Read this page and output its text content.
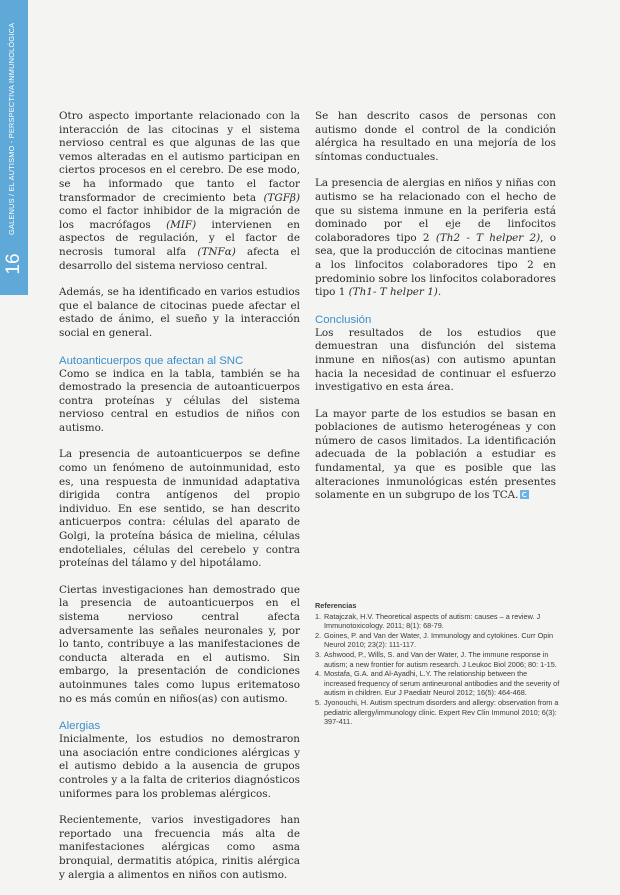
16
GALENUS / EL AUTISMO - PERSPECTIVA INMUNOLÓGICA	Otro aspecto importante relacionado con la interacción de las citocinas y el sistema nervioso central es que algunas de las que vemos alteradas en el autismo participan en ciertos procesos en el cerebro. De ese modo, se ha informado que tanto el factor transformador de crecimiento beta (TGFβ) como el factor inhibidor de la migración de los macrófagos (MIF) intervienen en aspectos de regulación, y el factor de necrosis tumoral alfa (TNFα) afecta el desarrollo del sistema nervioso central.

Además, se ha identificado en varios estudios que el balance de citocinas puede afectar el estado de ánimo, el sueño y la interacción social en general.

Autoanticuerpos que afectan al SNC

Como se indica en la tabla, también se ha demostrado la presencia de autoanticuerpos contra proteínas y células del sistema nervioso central en estudios de niños con autismo.

La presencia de autoanticuerpos se define como un fenómeno de autoinmunidad, esto es, una respuesta de inmunidad adaptativa dirigida contra antígenos del propio individuo. En ese sentido, se han descrito anticuerpos contra: células del aparato de Golgi, la proteína básica de mielina, células endoteliales, células del cerebelo y contra proteínas del tálamo y del hipotálamo.

Ciertas investigaciones han demostrado que la presencia de autoanticuerpos en el sistema nervioso central afecta adversamente las señales neuronales y, por lo tanto, contribuye a las manifestaciones de conducta alterada en el autismo. Sin embargo, la presentación de condiciones autoinmunes tales como lupus eritematoso no es más común en niños(as) con autismo.

Alergias

Inicialmente, los estudios no demostraron una asociación entre condiciones alérgicas y el autismo debido a la ausencia de grupos controles y a la falta de criterios diagnósticos uniformes para los problemas alérgicos.

Recientemente, varios investigadores han reportado una frecuencia más alta de manifestaciones alérgicas como asma bronquial, dermatitis atópica, rinitis alérgica y alergia a alimentos en niños con autismo.

Se han descrito casos de personas con autismo donde el control de la condición alérgica ha resultado en una mejoría de los síntomas conductuales.

La presencia de alergias en niños y niñas con autismo se ha relacionado con el hecho de que su sistema inmune en la periferia está dominado por el eje de linfocitos colaboradores tipo 2 (Th2 - T helper 2), o sea, que la producción de citocinas mantiene a los linfocitos colaboradores tipo 2 en predominio sobre los linfocitos colaboradores tipo 1 (Th1- T helper 1).

Conclusión

Los resultados de los estudios que demuestran una disfunción del sistema inmune en niños(as) con autismo apuntan hacia la necesidad de continuar el esfuerzo investigativo en esta área.

La mayor parte de los estudios se basan en poblaciones de autismo heterogéneas y con número de casos limitados. La identificación adecuada de la población a estudiar es fundamental, ya que es posible que las alteraciones inmunológicas estén presentes solamente en un subgrupo de los TCA.

Referencias
1. Ratajczak, H.V. Theoretical aspects of autism: causes – a review. J Immunotoxicology. 2011; 8(1): 68-79.
2. Goines, P. and Van der Water, J. Immunology and cytokines. Curr Opin Neurol 2010; 23(2): 111-117.
3. Ashwood, P., Wills, S. and Van der Water, J. The immune response in autism; a new frontier for autism research. J Leukoc Biol 2006; 80: 1-15.
4. Mostafa, G.A. and Al-Ayadhi, L.Y. The relationship between the increased frequency of serum antineuronal antibodies and the severity of autism in children. Eur J Paediatr Neurol 2012; 16(5): 464-468.
5. Jyonouchi, H. Autism spectrum disorders and allergy: observation from a pediatric allergy/immunology clinic. Expert Rev Clin Immunol 2010; 6(3): 397-411.
